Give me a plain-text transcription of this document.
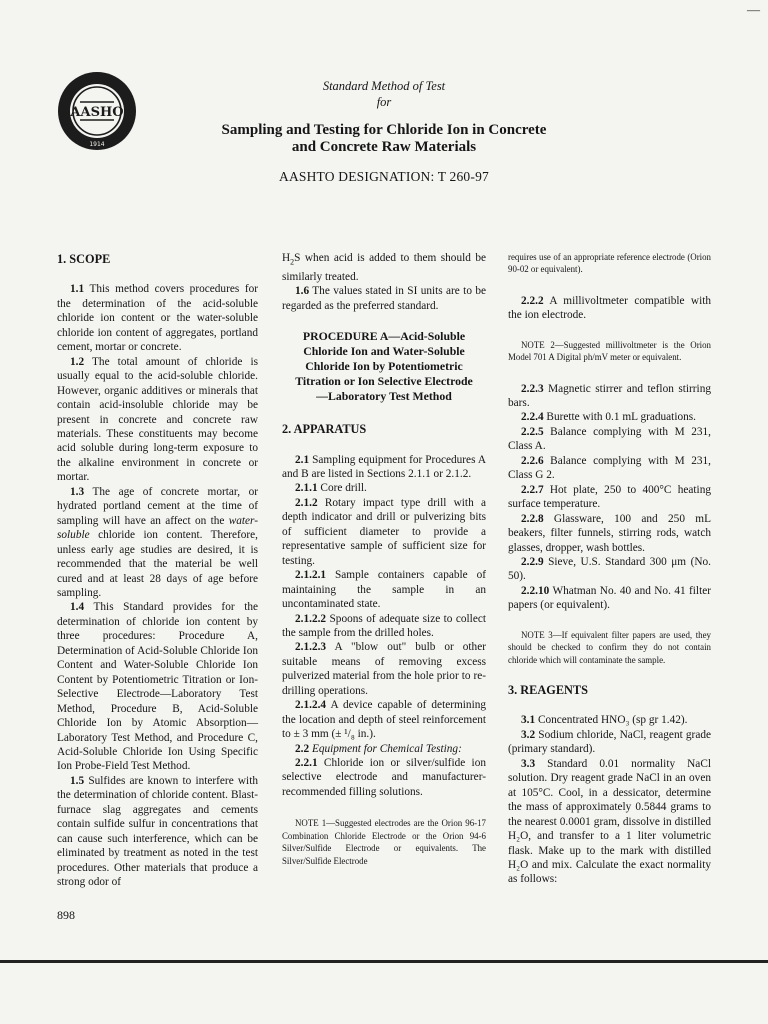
—
AASHO
1914
Standard Method of Test
for
Sampling and Testing for Chloride Ion in Concrete
and Concrete Raw Materials
AASHTO DESIGNATION: T 260-97

1. SCOPE

1.1 This method covers procedures for the determination of the acid-soluble chloride ion content or the water-soluble chloride ion content of aggregates, portland cement, mortar or concrete.

1.2 The total amount of chloride is usually equal to the acid-soluble chloride. However, organic additives or minerals that contain acid-insoluble chloride may be present in concrete and concrete raw materials. These constituents may become acid soluble during long-term exposure to the alkaline environment in concrete or mortar.

1.3 The age of concrete mortar, or hydrated portland cement at the time of sampling will have an affect on the water-soluble chloride ion content. Therefore, unless early age studies are desired, it is recommended that the material be well cured and at least 28 days of age before sampling.

1.4 This Standard provides for the determination of chloride ion content by three procedures: Procedure A, Determination of Acid-Soluble Chloride Ion Content and Water-Soluble Chloride Ion Content by Potentiometric Titration or Ion-Selective Electrode—Laboratory Test Method, Procedure B, Acid-Soluble Chloride Ion by Atomic Absorption—Laboratory Test Method, and Procedure C, Acid-Soluble Chloride Ion Using Specific Ion Probe-Field Test Method.

1.5 Sulfides are known to interfere with the determination of chloride content. Blast-furnace slag aggregates and cements contain sulfide sulfur in concentrations that can cause such interference, which can be eliminated by treatment as noted in the test procedures. Other materials that produce a strong odor of

$H_2S$ when acid is added to them should be similarly treated.

1.6 The values stated in SI units are to be regarded as the preferred standard.

PROCEDURE A—Acid-Soluble Chloride Ion and Water-Soluble Chloride Ion by Potentiometric Titration or Ion Selective Electrode—Laboratory Test Method

2. APPARATUS

2.1 Sampling equipment for Procedures A and B are listed in Sections 2.1.1 or 2.1.2.

2.1.1 Core drill.

2.1.2 Rotary impact type drill with a depth indicator and drill or pulverizing bits of sufficient diameter to provide a representative sample of sufficient size for testing.

2.1.2.1 Sample containers capable of maintaining the sample in an uncontaminated state.

2.1.2.2 Spoons of adequate size to collect the sample from the drilled holes.

2.1.2.3 A "blow out" bulb or other suitable means of removing excess pulverized material from the hole prior to re-drilling operations.

2.1.2.4 A device capable of determining the location and depth of steel reinforcement to ± 3 mm (± ¹/₈ in.).

2.2 Equipment for Chemical Testing:

2.2.1 Chloride ion or silver/sulfide ion selective electrode and manufacturer-recommended filling solutions.

NOTE 1—Suggested electrodes are the Orion 96-17 Combination Chloride Electrode or the Orion 94-6 Silver/Sulfide Electrode or equivalents. The Silver/Sulfide Electrode

requires use of an appropriate reference electrode (Orion 90-02 or equivalent).

2.2.2 A millivoltmeter compatible with the ion electrode.

NOTE 2—Suggested millivoltmeter is the Orion Model 701 A Digital ph/mV meter or equivalent.

2.2.3 Magnetic stirrer and teflon stirring bars.

2.2.4 Burette with 0.1 mL graduations.

2.2.5 Balance complying with M 231, Class A.

2.2.6 Balance complying with M 231, Class G 2.

2.2.7 Hot plate, 250 to 400°C heating surface temperature.

2.2.8 Glassware, 100 and 250 mL beakers, filter funnels, stirring rods, watch glasses, dropper, wash bottles.

2.2.9 Sieve, U.S. Standard 300 μm (No. 50).

2.2.10 Whatman No. 40 and No. 41 filter papers (or equivalent).

NOTE 3—If equivalent filter papers are used, they should be checked to confirm they do not contain chloride which will contaminate the sample.

3. REAGENTS

3.1 Concentrated HNO₃ (sp gr 1.42).

3.2 Sodium chloride, NaCl, reagent grade (primary standard).

3.3 Standard 0.01 normality NaCl solution. Dry reagent grade NaCl in an oven at 105°C. Cool, in a dessicator, determine the mass of approximately 0.5844 grams to the nearest 0.0001 gram, dissolve in distilled H₂O, and transfer to a 1 liter volumetric flask. Make up to the mark with distilled H₂O and mix. Calculate the exact normality as follows:

898
